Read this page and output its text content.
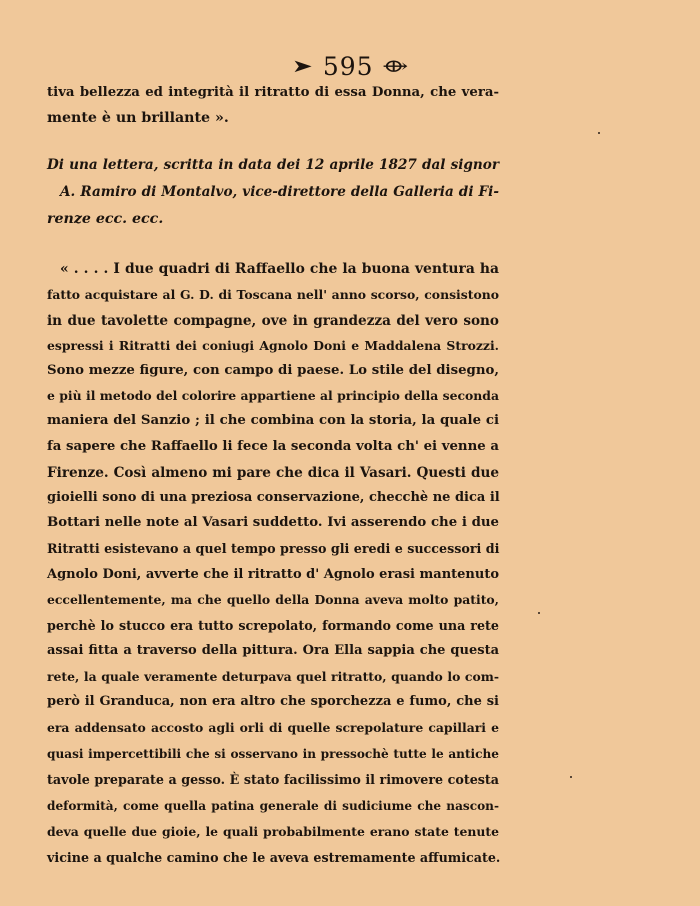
➤ 595 ⟴
tiva bellezza ed integrità il ritratto di essa Donna, che vera-
mente è un brillante ».
Di una lettera, scritta in data dei 12 aprile 1827 dal signor
A. Ramiro di Montalvo, vice-direttore della Galleria di Fi-
renze ecc. ecc.
« . . . . I due quadri di Raffaello che la buona ventura ha
fatto acquistare al G. D. di Toscana nell' anno scorso, consistono
in due tavolette compagne, ove in grandezza del vero sono
espressi i Ritratti dei coniugi Agnolo Doni e Maddalena Strozzi.
Sono mezze figure, con campo di paese. Lo stile del disegno,
e più il metodo del colorire appartiene al principio della seconda
maniera del Sanzio ; il che combina con la storia, la quale ci
fa sapere che Raffaello li fece la seconda volta ch' ei venne a
Firenze. Così almeno mi pare che dica il Vasari. Questi due
gioielli sono di una preziosa conservazione, checchè ne dica il
Bottari nelle note al Vasari suddetto. Ivi asserendo che i due
Ritratti esistevano a quel tempo presso gli eredi e successori di
Agnolo Doni, avverte che il ritratto d' Agnolo erasi mantenuto
eccellentemente, ma che quello della Donna aveva molto patito,
perchè lo stucco era tutto screpolato, formando come una rete
assai fitta a traverso della pittura. Ora Ella sappia che questa
rete, la quale veramente deturpava quel ritratto, quando lo com-
però il Granduca, non era altro che sporchezza e fumo, che si
era addensato accosto agli orli di quelle screpolature capillari e
quasi impercettibili che si osservano in pressochè tutte le antiche
tavole preparate a gesso. È stato facilissimo il rimovere cotesta
deformità, come quella patina generale di sudiciume che nascon-
deva quelle due gioie, le quali probabilmente erano state tenute
vicine a qualche camino che le aveva estremamente affumicate.
